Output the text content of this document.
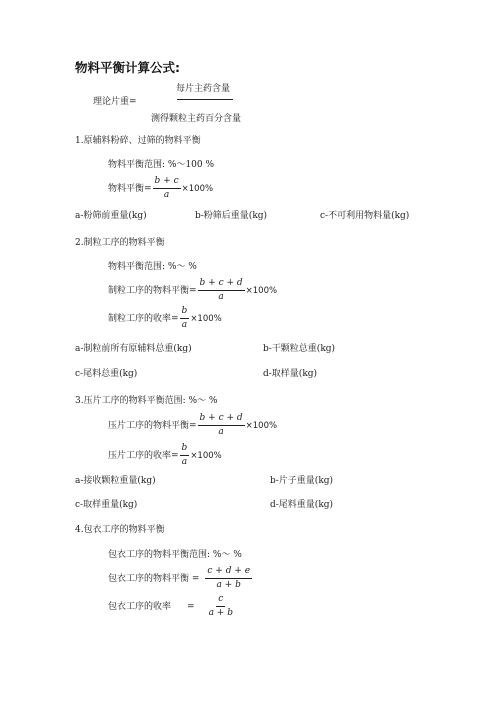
物料平衡计算公式:
每片主药含量
理论片重=
测得颗粒主药百分含量
1.原辅料粉碎、过筛的物料平衡
物料平衡范围: %～100 %
物料平衡= $\frac{b + c}{a} \times 100\%$
a-粉筛前重量(kg)	b-粉筛后重量(kg)	c-不可利用物料量(kg)
2.制粒工序的物料平衡
物料平衡范围: %～ %
制粒工序的物料平衡= $\frac{b + c + d}{a} \times 100\%$
制粒工序的收率= $\frac{b}{a} \times 100\%$
a-制粒前所有原辅料总重(kg)	b-干颗粒总重(kg)
c-尾料总重(kg)	d-取样量(kg)
3.压片工序的物料平衡范围: %～ %
压片工序的物料平衡= $\frac{b + c + d}{a} \times 100\%$
压片工序的收率= $\frac{b}{a} \times 100\%$
a-接收颗粒重量(kg)	b-片子重量(kg)
c-取样重量(kg)	d-尾料重量(kg)
4.包衣工序的物料平衡
包衣工序的物料平衡范围: %～ %
包衣工序的物料平衡 = $\frac{c + d + e}{a + b}$
包衣工序的收率 = $\frac{c}{a + b}$
